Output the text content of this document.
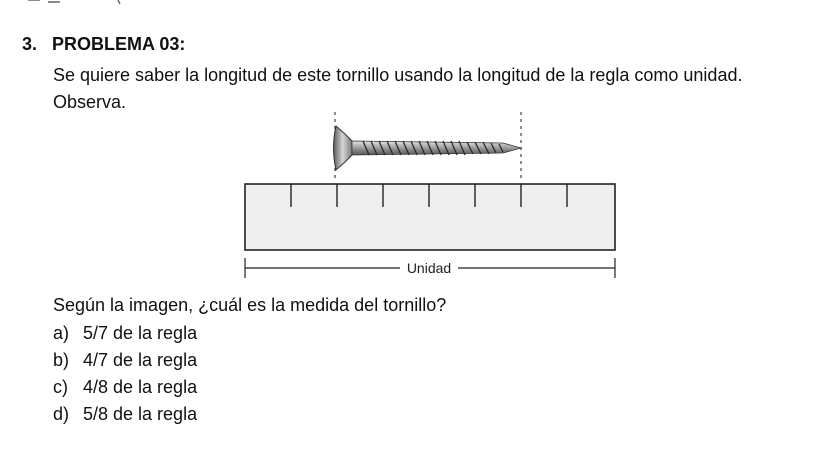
3. PROBLEMA 03:
Se quiere saber la longitud de este tornillo usando la longitud de la regla como unidad.
Observa.
Unidad
Según la imagen, ¿cuál es la medida del tornillo?
a) 5/7 de la regla
b) 4/7 de la regla
c) 4/8 de la regla
d) 5/8 de la regla
